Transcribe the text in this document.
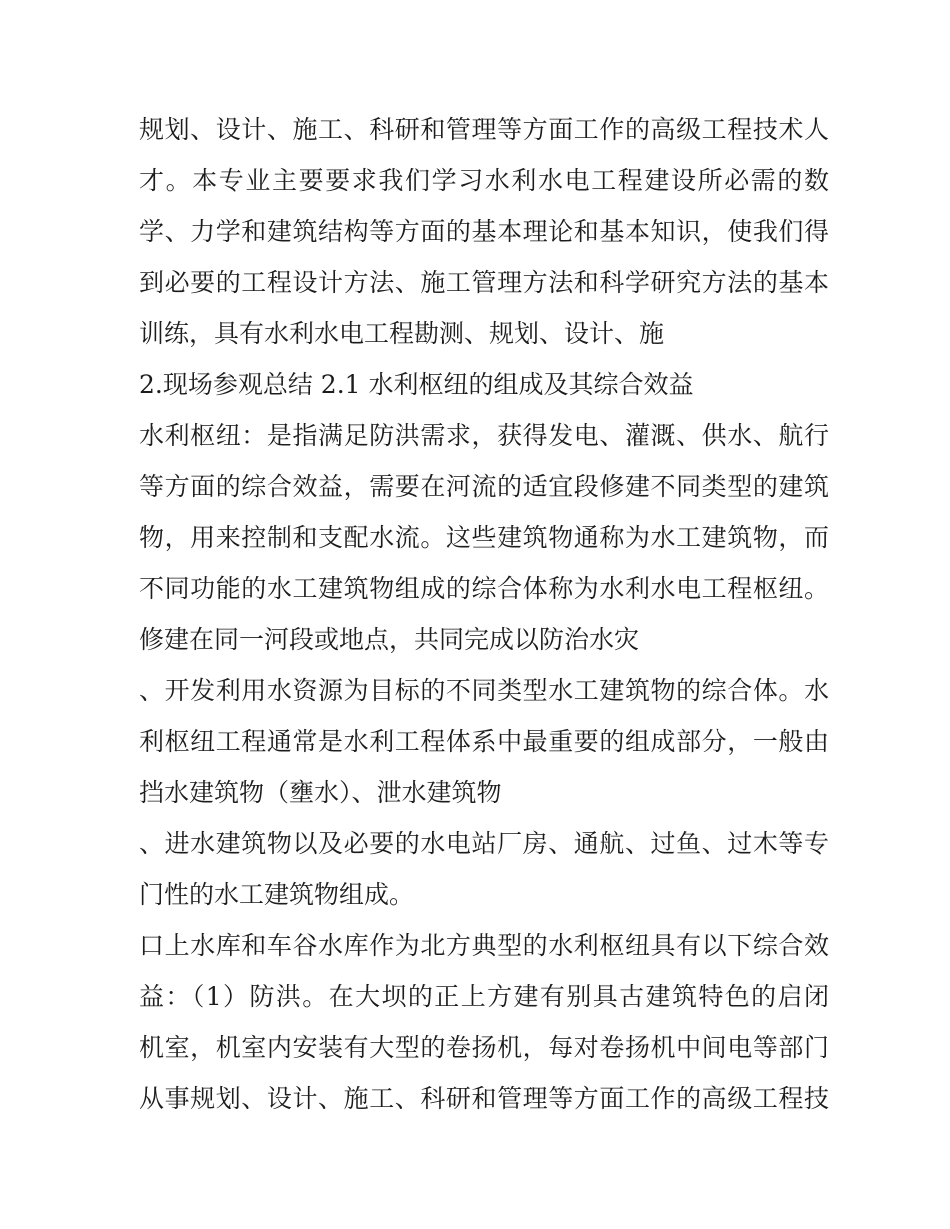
规划、设计、施工、科研和管理等方面工作的高级工程技术人
才。本专业主要要求我们学习水利水电工程建设所必需的数
学、力学和建筑结构等方面的基本理论和基本知识，使我们得
到必要的工程设计方法、施工管理方法和科学研究方法的基本
训练，具有水利水电工程勘测、规划、设计、施
2.现场参观总结 2.1 水利枢纽的组成及其综合效益
水利枢纽：是指满足防洪需求，获得发电、灌溉、供水、航行
等方面的综合效益，需要在河流的适宜段修建不同类型的建筑
物，用来控制和支配水流。这些建筑物通称为水工建筑物，而
不同功能的水工建筑物组成的综合体称为水利水电工程枢纽。
修建在同一河段或地点，共同完成以防治水灾
、开发利用水资源为目标的不同类型水工建筑物的综合体。水
利枢纽工程通常是水利工程体系中最重要的组成部分，一般由
挡水建筑物（壅水）、泄水建筑物
、进水建筑物以及必要的水电站厂房、通航、过鱼、过木等专
门性的水工建筑物组成。
口上水库和车谷水库作为北方典型的水利枢纽具有以下综合效
益：（1）防洪。在大坝的正上方建有别具古建筑特色的启闭
机室，机室内安装有大型的卷扬机，每对卷扬机中间电等部门
从事规划、设计、施工、科研和管理等方面工作的高级工程技
